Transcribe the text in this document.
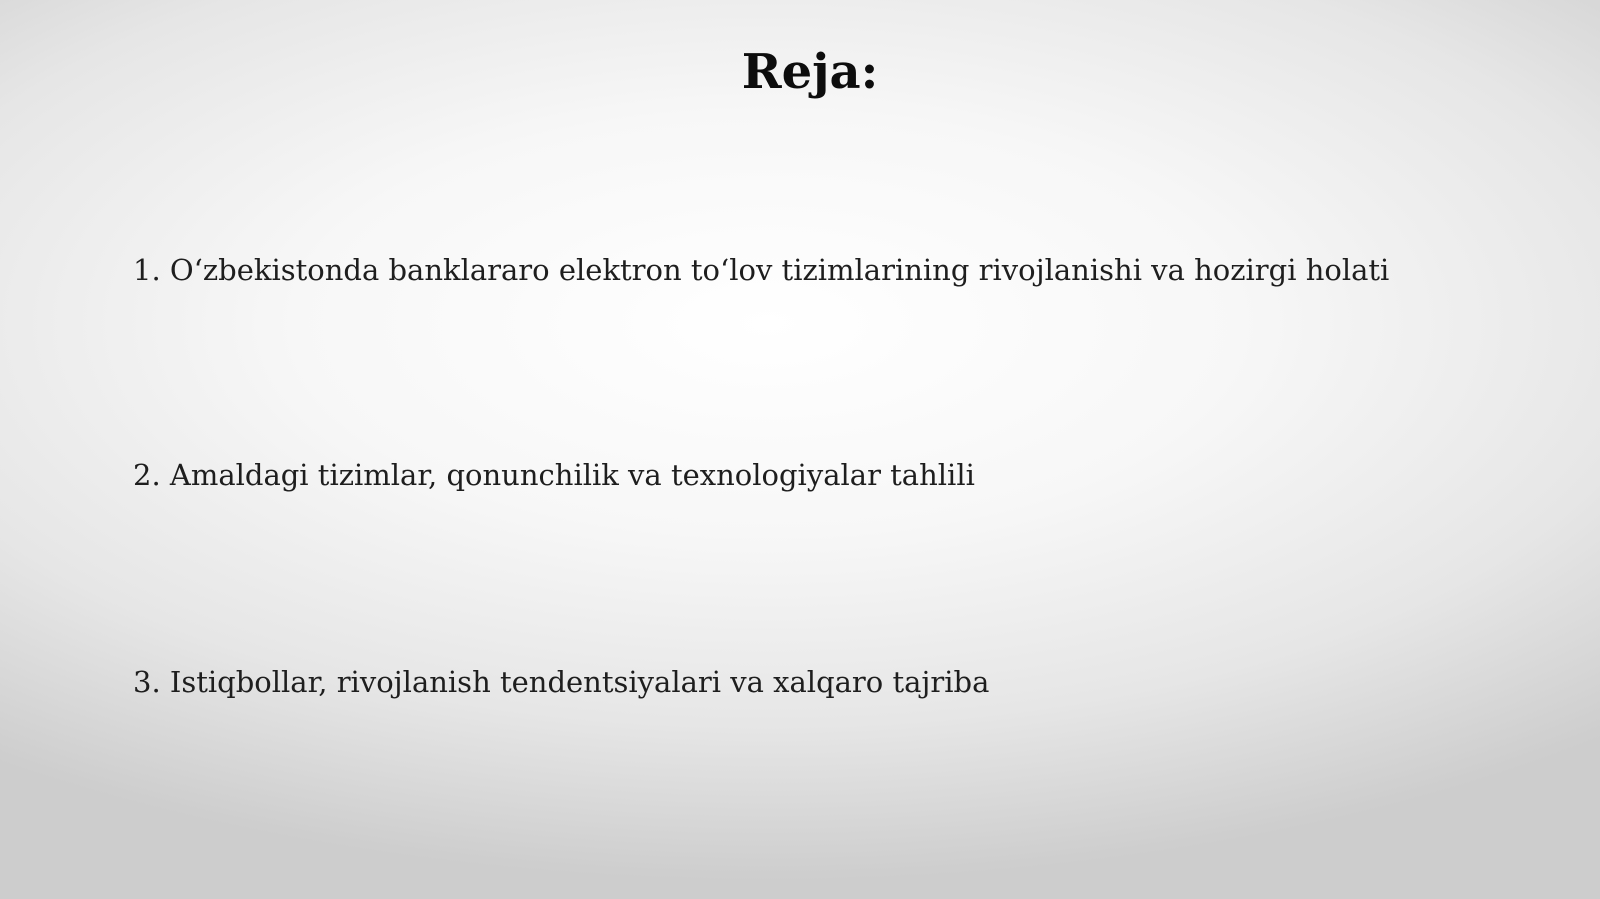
Reja:

1. O‘zbekistonda banklararo elektron to‘lov tizimlarining rivojlanishi va hozirgi holati

2. Amaldagi tizimlar, qonunchilik va texnologiyalar tahlili

3. Istiqbollar, rivojlanish tendentsiyalari va xalqaro tajriba
